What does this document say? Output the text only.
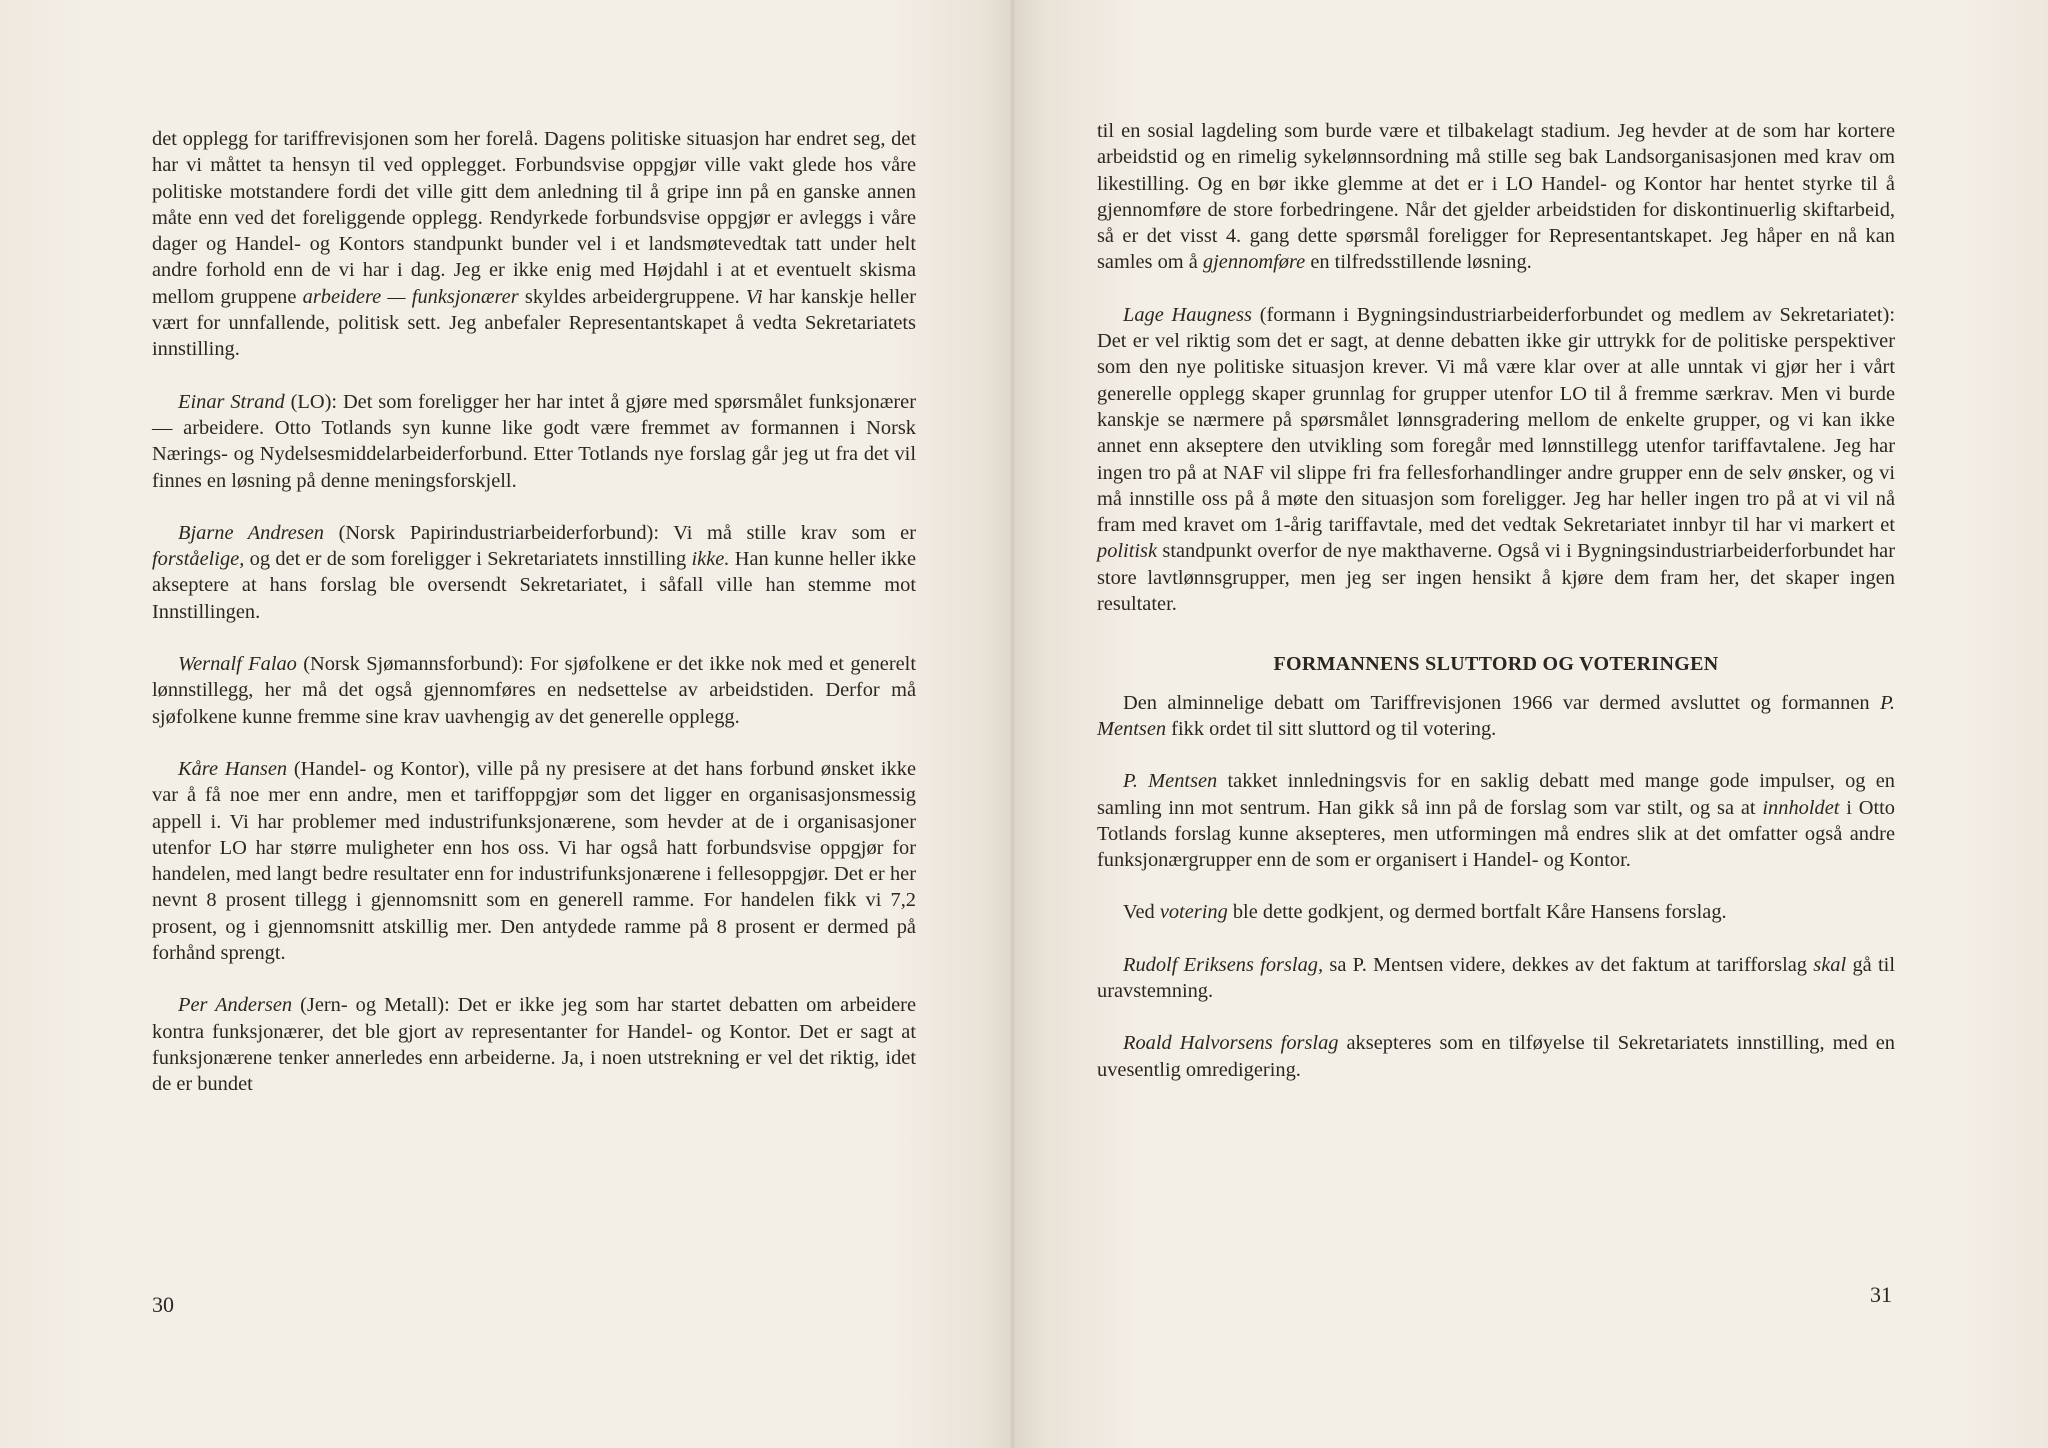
det opplegg for tariffrevisjonen som her forelå. Dagens politiske situasjon har endret seg, det har vi måttet ta hensyn til ved opplegget. Forbundsvise oppgjør ville vakt glede hos våre politiske motstandere fordi det ville gitt dem anledning til å gripe inn på en ganske annen måte enn ved det foreliggende opplegg. Rendyrkede forbundsvise oppgjør er avleggs i våre dager og Handel- og Kontors standpunkt bunder vel i et landsmøtevedtak tatt under helt andre forhold enn de vi har i dag. Jeg er ikke enig med Højdahl i at et eventuelt skisma mellom gruppene arbeidere — funksjonærer skyldes arbeidergruppene. Vi har kanskje heller vært for unnfallende, politisk sett. Jeg anbefaler Representantskapet å vedta Sekretariatets innstilling.

Einar Strand (LO): Det som foreligger her har intet å gjøre med spørsmålet funksjonærer — arbeidere. Otto Totlands syn kunne like godt være fremmet av formannen i Norsk Nærings- og Nydelsesmiddelarbeiderforbund. Etter Totlands nye forslag går jeg ut fra det vil finnes en løsning på denne meningsforskjell.

Bjarne Andresen (Norsk Papirindustriarbeiderforbund): Vi må stille krav som er forståelige, og det er de som foreligger i Sekretariatets innstilling ikke. Han kunne heller ikke akseptere at hans forslag ble oversendt Sekretariatet, i såfall ville han stemme mot Innstillingen.

Wernalf Falao (Norsk Sjømannsforbund): For sjøfolkene er det ikke nok med et generelt lønnstillegg, her må det også gjennomføres en nedsettelse av arbeidstiden. Derfor må sjøfolkene kunne fremme sine krav uavhengig av det generelle opplegg.

Kåre Hansen (Handel- og Kontor), ville på ny presisere at det hans forbund ønsket ikke var å få noe mer enn andre, men et tariffoppgjør som det ligger en organisasjonsmessig appell i. Vi har problemer med industrifunksjonærene, som hevder at de i organisasjoner utenfor LO har større muligheter enn hos oss. Vi har også hatt forbundsvise oppgjør for handelen, med langt bedre resultater enn for industrifunksjonærene i fellesoppgjør. Det er her nevnt 8 prosent tillegg i gjennomsnitt som en generell ramme. For handelen fikk vi 7,2 prosent, og i gjennomsnitt atskillig mer. Den antydede ramme på 8 prosent er dermed på forhånd sprengt.

Per Andersen (Jern- og Metall): Det er ikke jeg som har startet debatten om arbeidere kontra funksjonærer, det ble gjort av representanter for Handel- og Kontor. Det er sagt at funksjonærene tenker annerledes enn arbeiderne. Ja, i noen utstrekning er vel det riktig, idet de er bundet

30

til en sosial lagdeling som burde være et tilbakelagt stadium. Jeg hevder at de som har kortere arbeidstid og en rimelig sykelønnsordning må stille seg bak Landsorganisasjonen med krav om likestilling. Og en bør ikke glemme at det er i LO Handel- og Kontor har hentet styrke til å gjennomføre de store forbedringene. Når det gjelder arbeidstiden for diskontinuerlig skiftarbeid, så er det visst 4. gang dette spørsmål foreligger for Representantskapet. Jeg håper en nå kan samles om å gjennomføre en tilfredsstillende løsning.

Lage Haugness (formann i Bygningsindustriarbeiderforbundet og medlem av Sekretariatet): Det er vel riktig som det er sagt, at denne debatten ikke gir uttrykk for de politiske perspektiver som den nye politiske situasjon krever. Vi må være klar over at alle unntak vi gjør her i vårt generelle opplegg skaper grunnlag for grupper utenfor LO til å fremme særkrav. Men vi burde kanskje se nærmere på spørsmålet lønnsgradering mellom de enkelte grupper, og vi kan ikke annet enn akseptere den utvikling som foregår med lønnstillegg utenfor tariffavtalene. Jeg har ingen tro på at NAF vil slippe fri fra fellesforhandlinger andre grupper enn de selv ønsker, og vi må innstille oss på å møte den situasjon som foreligger. Jeg har heller ingen tro på at vi vil nå fram med kravet om 1-årig tariffavtale, med det vedtak Sekretariatet innbyr til har vi markert et politisk standpunkt overfor de nye makthaverne. Også vi i Bygningsindustriarbeiderforbundet har store lavtlønnsgrupper, men jeg ser ingen hensikt å kjøre dem fram her, det skaper ingen resultater.

FORMANNENS SLUTTORD OG VOTERINGEN

Den alminnelige debatt om Tariffrevisjonen 1966 var dermed avsluttet og formannen P. Mentsen fikk ordet til sitt sluttord og til votering.

P. Mentsen takket innledningsvis for en saklig debatt med mange gode impulser, og en samling inn mot sentrum. Han gikk så inn på de forslag som var stilt, og sa at innholdet i Otto Totlands forslag kunne aksepteres, men utformingen må endres slik at det omfatter også andre funksjonærgrupper enn de som er organisert i Handel- og Kontor.

Ved votering ble dette godkjent, og dermed bortfalt Kåre Hansens forslag.

Rudolf Eriksens forslag, sa P. Mentsen videre, dekkes av det faktum at tarifforslag skal gå til uravstemning.

Roald Halvorsens forslag aksepteres som en tilføyelse til Sekretariatets innstilling, med en uvesentlig omredigering.

31
